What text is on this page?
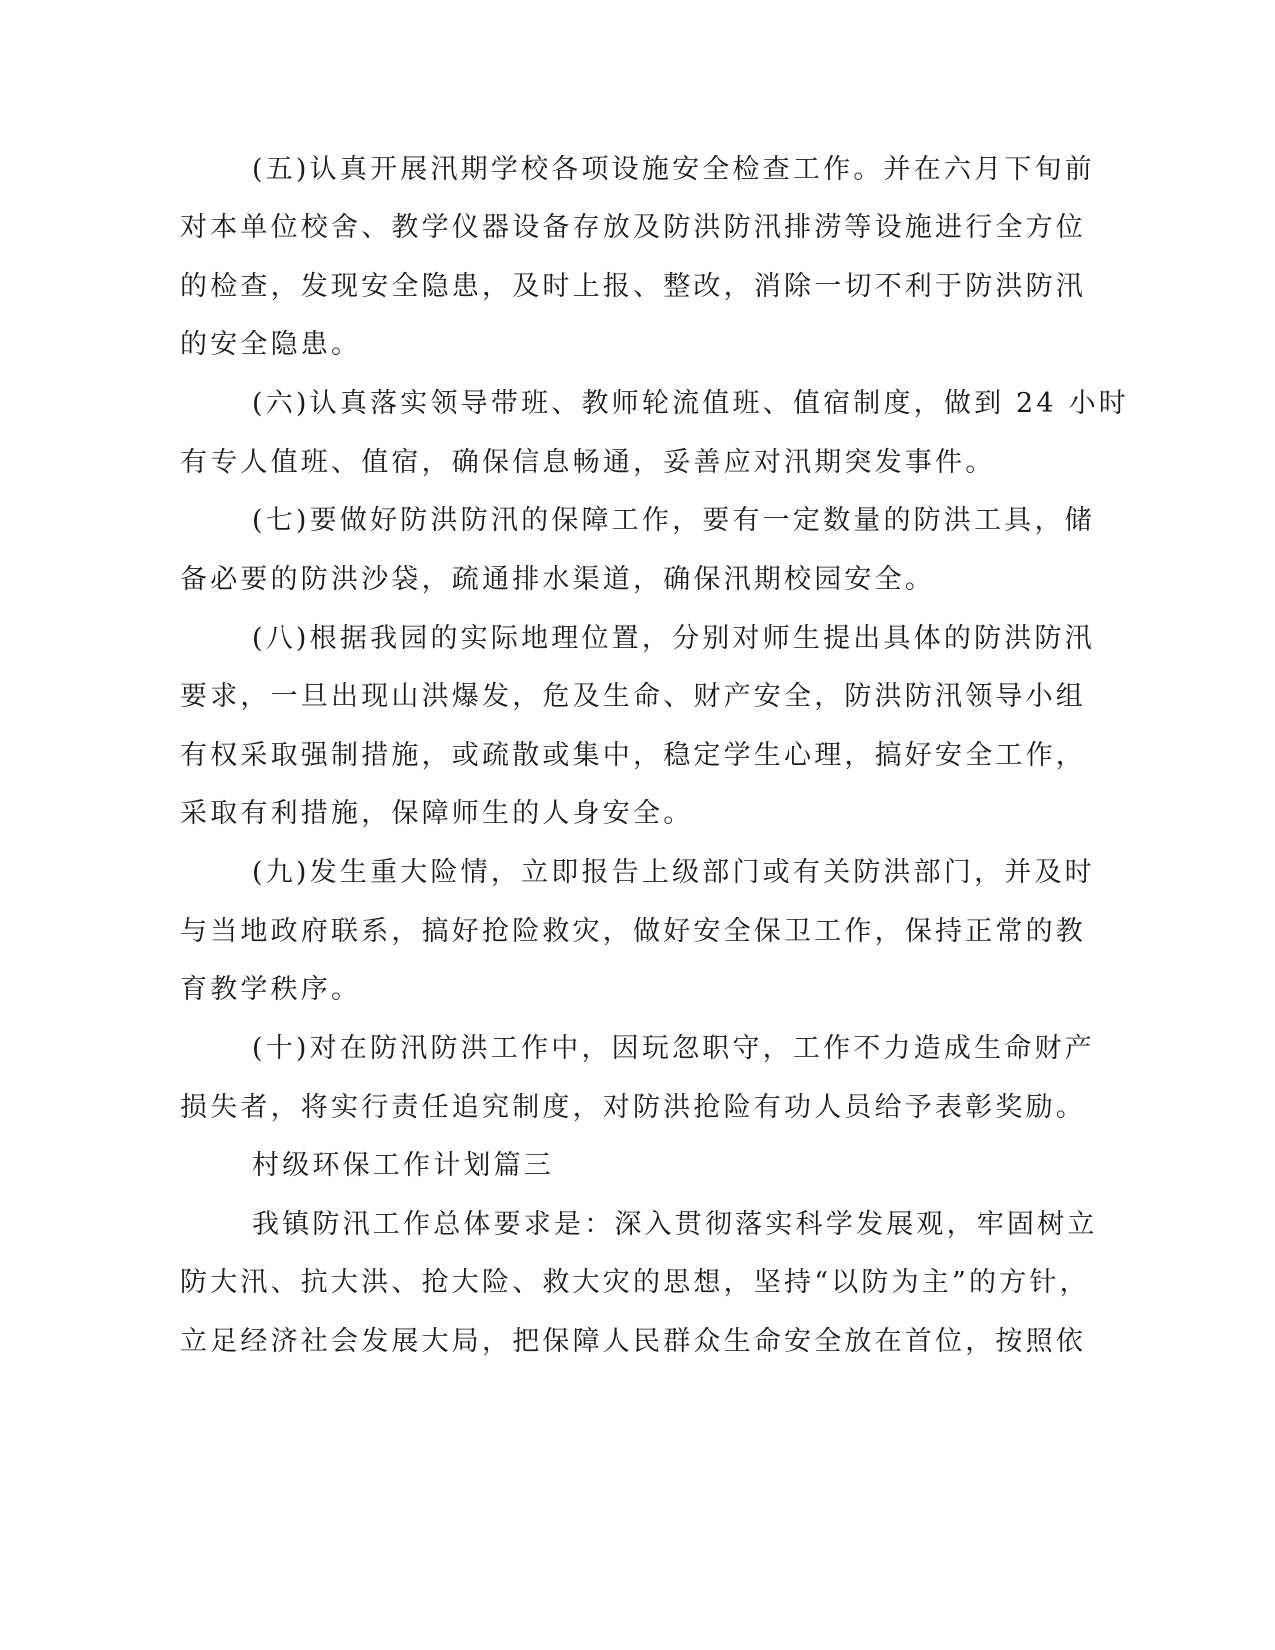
(五)认真开展汛期学校各项设施安全检查工作。并在六月下旬前
对本单位校舍、教学仪器设备存放及防洪防汛排涝等设施进行全方位
的检查，发现安全隐患，及时上报、整改，消除一切不利于防洪防汛
的安全隐患。
(六)认真落实领导带班、教师轮流值班、值宿制度，做到 24 小时
有专人值班、值宿，确保信息畅通，妥善应对汛期突发事件。
(七)要做好防洪防汛的保障工作，要有一定数量的防洪工具，储
备必要的防洪沙袋，疏通排水渠道，确保汛期校园安全。
(八)根据我园的实际地理位置，分别对师生提出具体的防洪防汛
要求，一旦出现山洪爆发，危及生命、财产安全，防洪防汛领导小组
有权采取强制措施，或疏散或集中，稳定学生心理，搞好安全工作，
采取有利措施，保障师生的人身安全。
(九)发生重大险情，立即报告上级部门或有关防洪部门，并及时
与当地政府联系，搞好抢险救灾，做好安全保卫工作，保持正常的教
育教学秩序。
(十)对在防汛防洪工作中，因玩忽职守，工作不力造成生命财产
损失者，将实行责任追究制度，对防洪抢险有功人员给予表彰奖励。
村级环保工作计划篇三
我镇防汛工作总体要求是：深入贯彻落实科学发展观，牢固树立
防大汛、抗大洪、抢大险、救大灾的思想，坚持“以防为主”的方针，
立足经济社会发展大局，把保障人民群众生命安全放在首位，按照依
